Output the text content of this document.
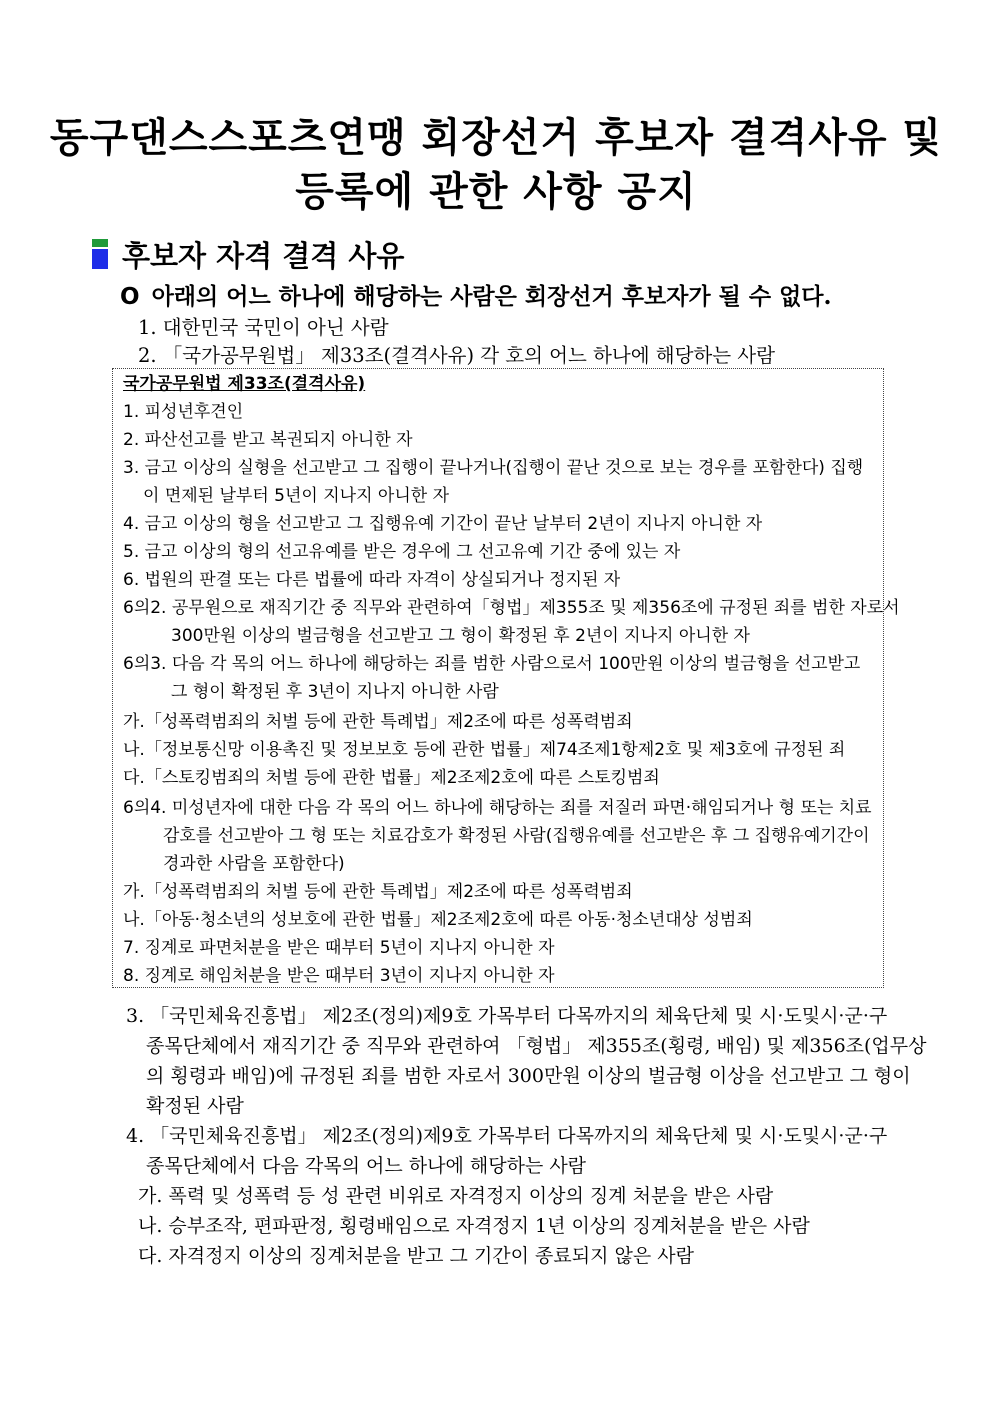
동구댄스스포츠연맹 회장선거 후보자 결격사유 및
등록에 관한 사항 공지
후보자 자격 결격 사유
O 아래의 어느 하나에 해당하는 사람은 회장선거 후보자가 될 수 없다.
1. 대한민국 국민이 아닌 사람
2. 「국가공무원법」 제33조(결격사유) 각 호의 어느 하나에 해당하는 사람
국가공무원법 제33조(결격사유)
1. 피성년후견인
2. 파산선고를 받고 복권되지 아니한 자
3. 금고 이상의 실형을 선고받고 그 집행이 끝나거나(집행이 끝난 것으로 보는 경우를 포함한다) 집행
이 면제된 날부터 5년이 지나지 아니한 자
4. 금고 이상의 형을 선고받고 그 집행유예 기간이 끝난 날부터 2년이 지나지 아니한 자
5. 금고 이상의 형의 선고유예를 받은 경우에 그 선고유예 기간 중에 있는 자
6. 법원의 판결 또는 다른 법률에 따라 자격이 상실되거나 정지된 자
6의2. 공무원으로 재직기간 중 직무와 관련하여「형법」제355조 및 제356조에 규정된 죄를 범한 자로서
300만원 이상의 벌금형을 선고받고 그 형이 확정된 후 2년이 지나지 아니한 자
6의3. 다음 각 목의 어느 하나에 해당하는 죄를 범한 사람으로서 100만원 이상의 벌금형을 선고받고
그 형이 확정된 후 3년이 지나지 아니한 사람
가.「성폭력범죄의 처벌 등에 관한 특례법」제2조에 따른 성폭력범죄
나.「정보통신망 이용촉진 및 정보보호 등에 관한 법률」제74조제1항제2호 및 제3호에 규정된 죄
다.「스토킹범죄의 처벌 등에 관한 법률」제2조제2호에 따른 스토킹범죄
6의4. 미성년자에 대한 다음 각 목의 어느 하나에 해당하는 죄를 저질러 파면·해임되거나 형 또는 치료
감호를 선고받아 그 형 또는 치료감호가 확정된 사람(집행유예를 선고받은 후 그 집행유예기간이
경과한 사람을 포함한다)
가.「성폭력범죄의 처벌 등에 관한 특례법」제2조에 따른 성폭력범죄
나.「아동·청소년의 성보호에 관한 법률」제2조제2호에 따른 아동·청소년대상 성범죄
7. 징계로 파면처분을 받은 때부터 5년이 지나지 아니한 자
8. 징계로 해임처분을 받은 때부터 3년이 지나지 아니한 자
3. 「국민체육진흥법」 제2조(정의)제9호 가목부터 다목까지의 체육단체 및 시·도및시·군·구
종목단체에서 재직기간 중 직무와 관련하여 「형법」 제355조(횡령, 배임) 및 제356조(업무상
의 횡령과 배임)에 규정된 죄를 범한 자로서 300만원 이상의 벌금형 이상을 선고받고 그 형이
확정된 사람
4. 「국민체육진흥법」 제2조(정의)제9호 가목부터 다목까지의 체육단체 및 시·도및시·군·구
종목단체에서 다음 각목의 어느 하나에 해당하는 사람
가. 폭력 및 성폭력 등 성 관련 비위로 자격정지 이상의 징계 처분을 받은 사람
나. 승부조작, 편파판정, 횡령배임으로 자격정지 1년 이상의 징계처분을 받은 사람
다. 자격정지 이상의 징계처분을 받고 그 기간이 종료되지 않은 사람
